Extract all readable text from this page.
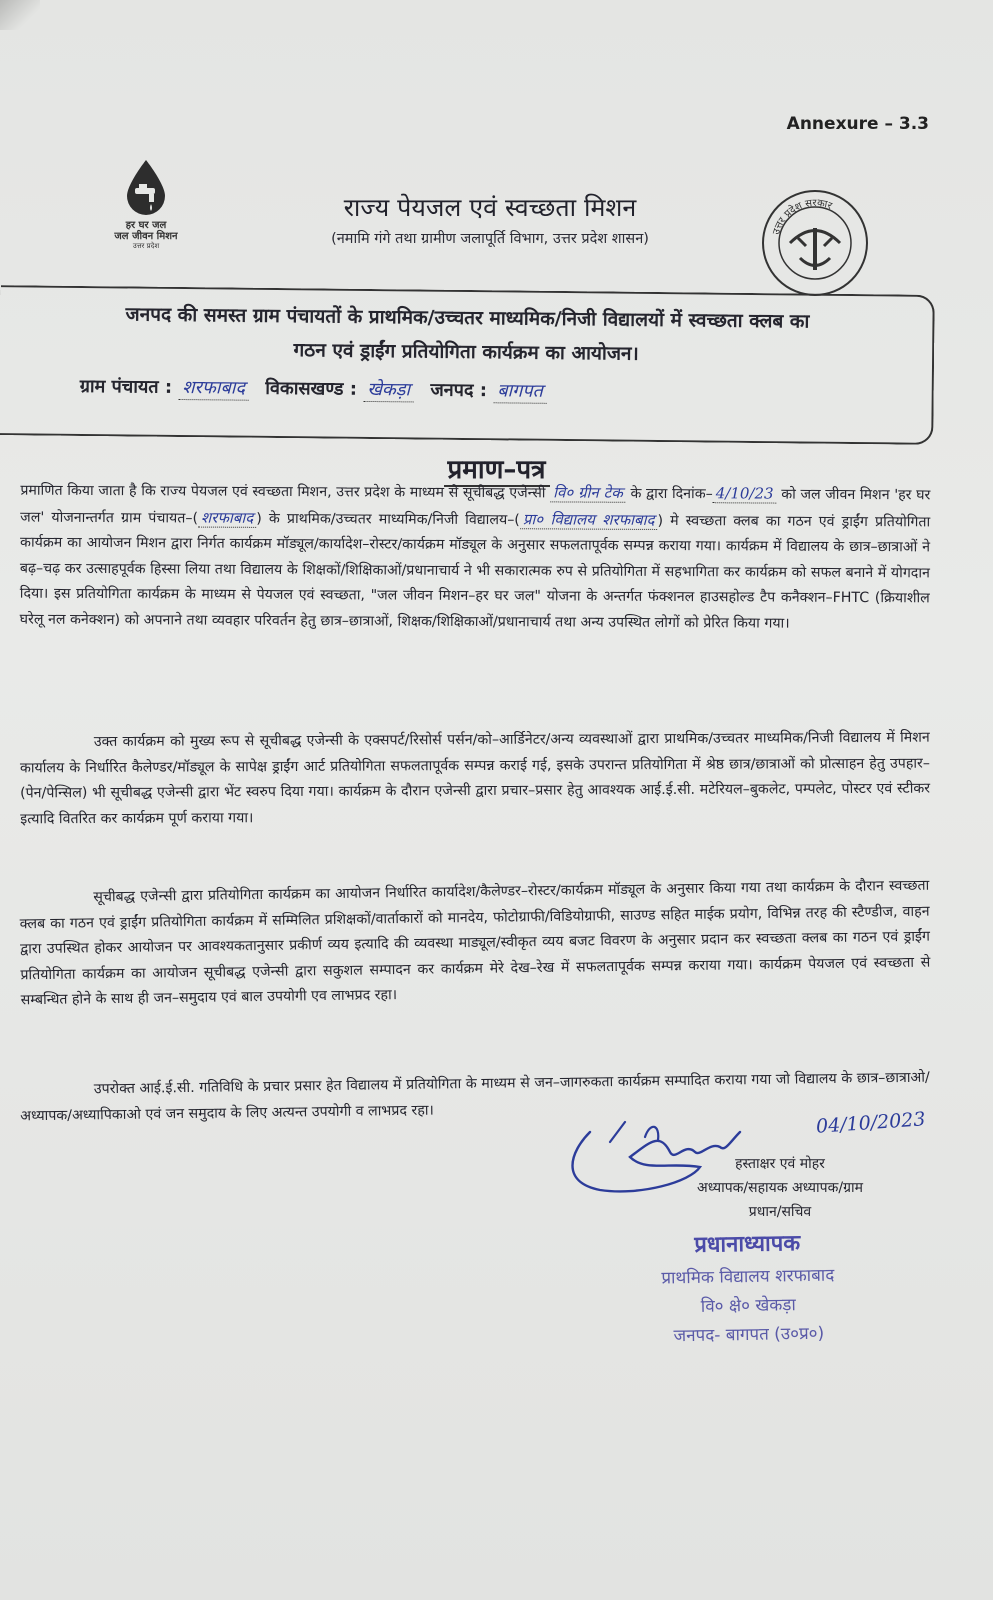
Annexure – 3.3
हर घर जल
जल जीवन मिशन
उत्तर प्रदेश
राज्य पेयजल एवं स्वच्छता मिशन
(नमामि गंगे तथा ग्रामीण जलापूर्ति विभाग, उत्तर प्रदेश शासन)	उत्तर प्रदेश सरकार
जनपद की समस्त ग्राम पंचायतों के प्राथमिक/उच्चतर माध्यमिक/निजी विद्यालयों में स्वच्छता क्लब का
गठन एवं ड्राईंग प्रतियोगिता कार्यक्रम का आयोजन।
ग्राम पंचायत : शरफाबाद विकासखण्ड : खेकड़ा जनपद : बागपत
प्रमाण–पत्र
प्रमाणित किया जाता है कि राज्य पेयजल एवं स्वच्छता मिशन, उत्तर प्रदेश के माध्यम से सूचीबद्ध एजेन्सी वि० ग्रीन टेक के द्वारा दिनांक– 4/10/23 को जल जीवन मिशन 'हर घर जल' योजनान्तर्गत ग्राम पंचायत–( शरफाबाद ) के प्राथमिक/उच्चतर माध्यमिक/निजी विद्यालय–( प्रा० विद्यालय शरफाबाद ) मे स्वच्छता क्लब का गठन एवं ड्राईंग प्रतियोगिता कार्यक्रम का आयोजन मिशन द्वारा निर्गत कार्यक्रम मॉड्यूल/कार्यादेश–रोस्टर/कार्यक्रम मॉड्यूल के अनुसार सफलतापूर्वक सम्पन्न कराया गया। कार्यक्रम में विद्यालय के छात्र–छात्राओं ने बढ़–चढ़ कर उत्साहपूर्वक हिस्सा लिया तथा विद्यालय के शिक्षकों/शिक्षिकाओं/प्रधानाचार्य ने भी सकारात्मक रुप से प्रतियोगिता में सहभागिता कर कार्यक्रम को सफल बनाने में योगदान दिया। इस प्रतियोगिता कार्यक्रम के माध्यम से पेयजल एवं स्वच्छता, "जल जीवन मिशन–हर घर जल" योजना के अन्तर्गत फंक्शनल हाउसहोल्ड टैप कनैक्शन–FHTC (क्रियाशील घरेलू नल कनेक्शन) को अपनाने तथा व्यवहार परिवर्तन हेतु छात्र–छात्राओं, शिक्षक/शिक्षिकाओं/प्रधानाचार्य तथा अन्य उपस्थित लोगों को प्रेरित किया गया।
उक्त कार्यक्रम को मुख्य रूप से सूचीबद्ध एजेन्सी के एक्सपर्ट/रिसोर्स पर्सन/को–आर्डिनेटर/अन्य व्यवस्थाओं द्वारा प्राथमिक/उच्चतर माध्यमिक/निजी विद्यालय में मिशन कार्यालय के निर्धारित कैलेण्डर/मॉड्यूल के सापेक्ष ड्राईंग आर्ट प्रतियोगिता सफलतापूर्वक सम्पन्न कराई गई, इसके उपरान्त प्रतियोगिता में श्रेष्ठ छात्र/छात्राओं को प्रोत्साहन हेतु उपहार–(पेन/पेन्सिल) भी सूचीबद्ध एजेन्सी द्वारा भेंट स्वरुप दिया गया। कार्यक्रम के दौरान एजेन्सी द्वारा प्रचार–प्रसार हेतु आवश्यक आई.ई.सी. मटेरियल–बुकलेट, पम्पलेट, पोस्टर एवं स्टीकर इत्यादि वितरित कर कार्यक्रम पूर्ण कराया गया।
सूचीबद्ध एजेन्सी द्वारा प्रतियोगिता कार्यक्रम का आयोजन निर्धारित कार्यादेश/कैलेण्डर–रोस्टर/कार्यक्रम मॉड्यूल के अनुसार किया गया तथा कार्यक्रम के दौरान स्वच्छता क्लब का गठन एवं ड्राईंग प्रतियोगिता कार्यक्रम में सम्मिलित प्रशिक्षकों/वार्ताकारों को मानदेय, फोटोग्राफी/विडियोग्राफी, साउण्ड सहित माईक प्रयोग, विभिन्न तरह की स्टैण्डीज, वाहन द्वारा उपस्थित होकर आयोजन पर आवश्यकतानुसार प्रकीर्ण व्यय इत्यादि की व्यवस्था माड्यूल/स्वीकृत व्यय बजट विवरण के अनुसार प्रदान कर स्वच्छता क्लब का गठन एवं ड्राईंग प्रतियोगिता कार्यक्रम का आयोजन सूचीबद्ध एजेन्सी द्वारा सकुशल सम्पादन कर कार्यक्रम मेरे देख–रेख में सफलतापूर्वक सम्पन्न कराया गया। कार्यक्रम पेयजल एवं स्वच्छता से सम्बन्धित होने के साथ ही जन–समुदाय एवं बाल उपयोगी एव लाभप्रद रहा।
उपरोक्त आई.ई.सी. गतिविधि के प्रचार प्रसार हेत विद्यालय में प्रतियोगिता के माध्यम से जन–जागरुकता कार्यक्रम सम्पादित कराया गया जो विद्यालय के छात्र–छात्राओ/अध्यापक/अध्यापिकाओ एवं जन समुदाय के लिए अत्यन्त उपयोगी व लाभप्रद रहा।	04/10/2023
हस्ताक्षर एवं मोहर
अध्यापक/सहायक अध्यापक/ग्राम
प्रधान/सचिव
प्रधानाध्यापक
प्राथमिक विद्यालय शरफाबाद
वि० क्षे० खेकड़ा
जनपद- बागपत (उ०प्र०)
